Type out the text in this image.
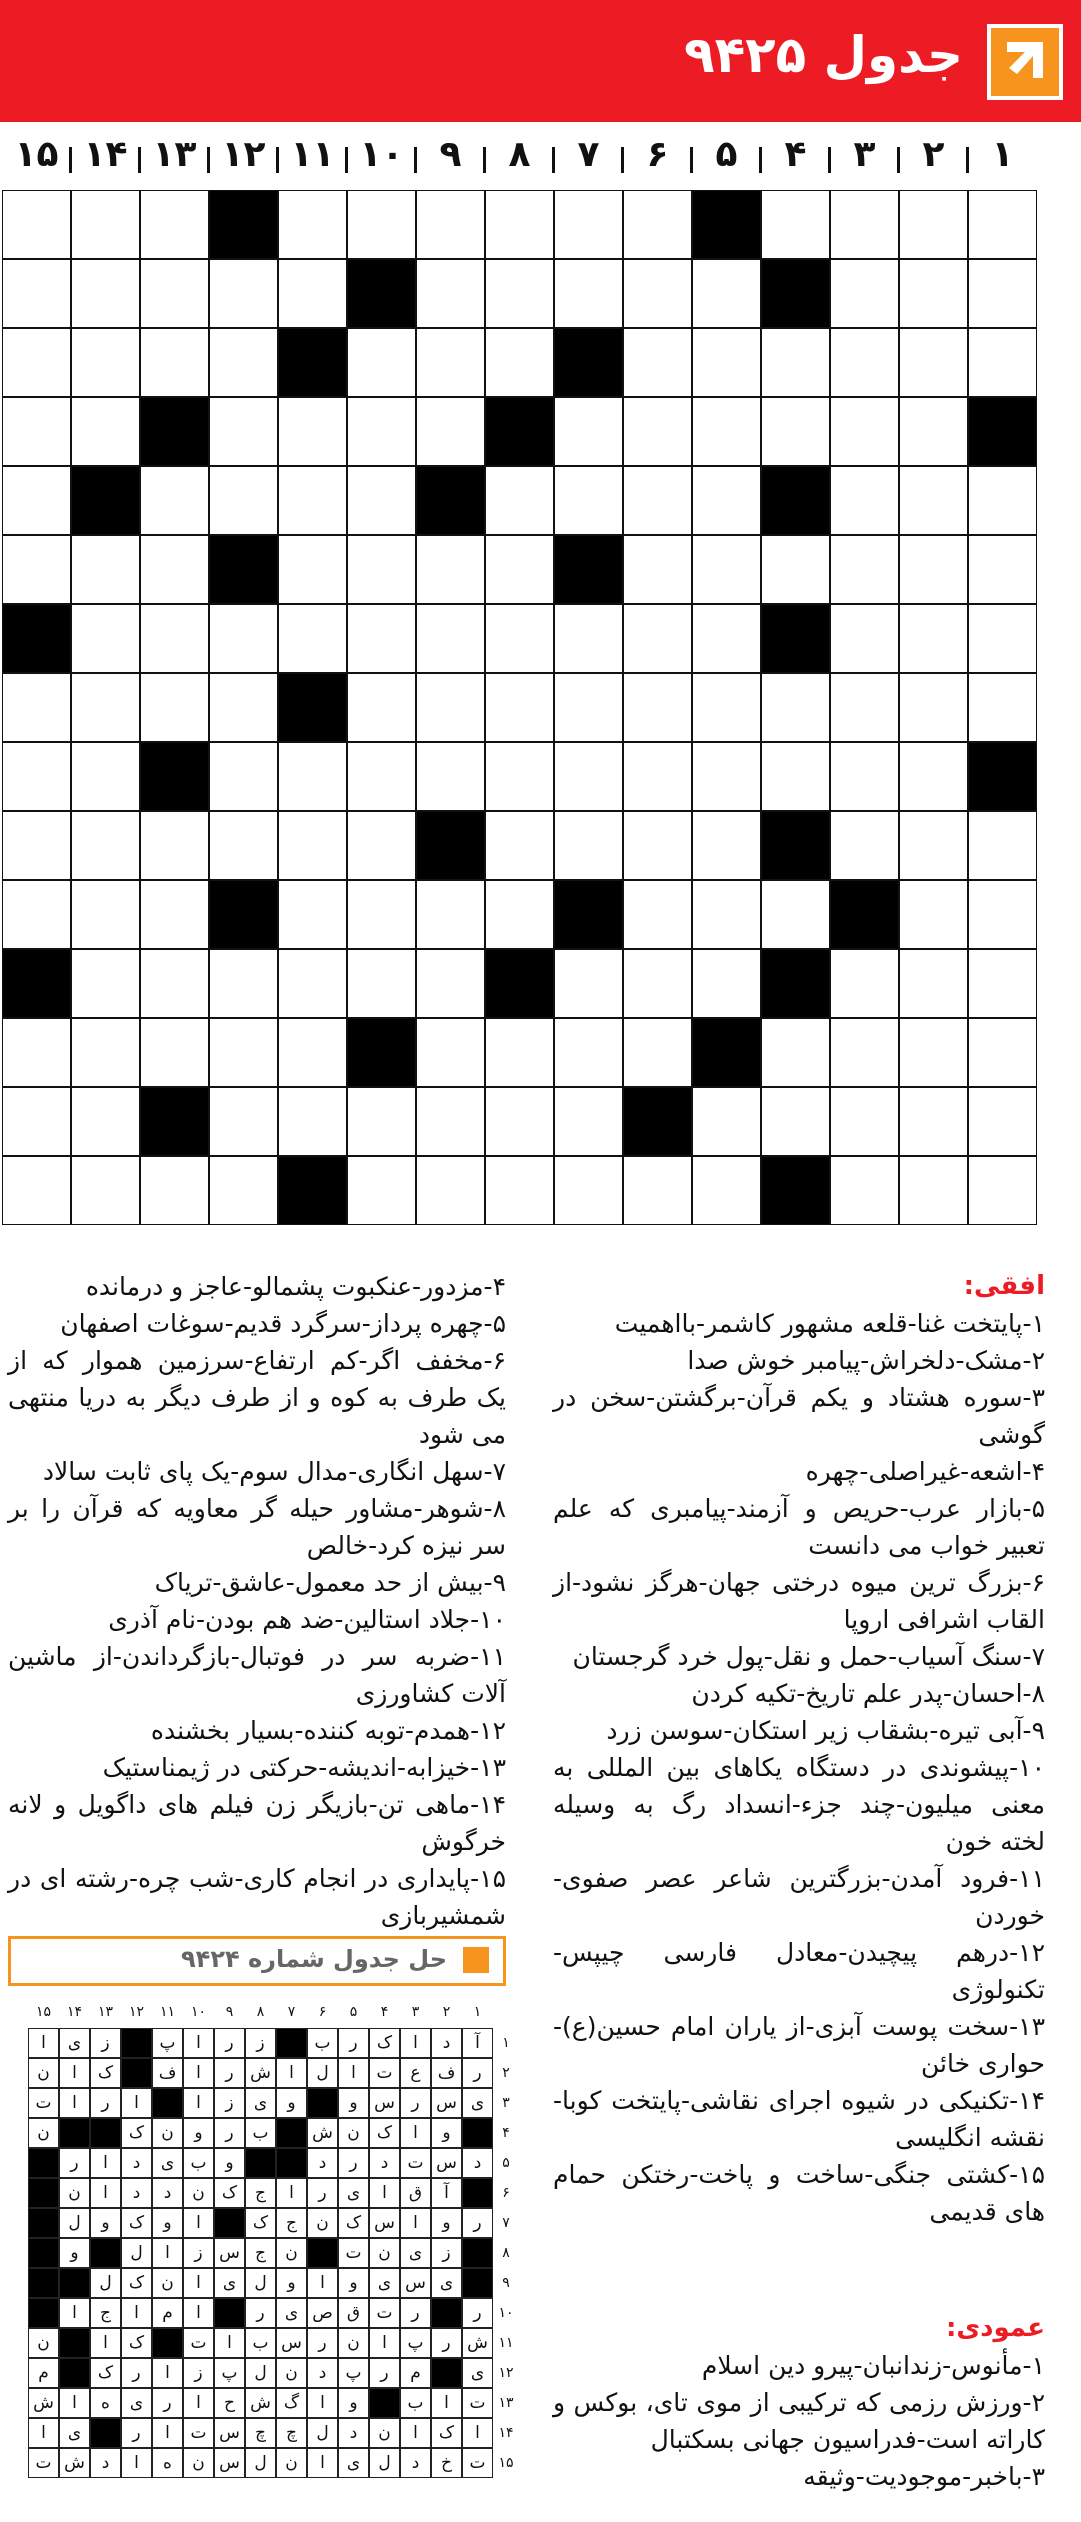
جدول ۹۴۲۵
۱
۲
۳
۴
۵
۶
۷
۸
۹
۱۰
۱۱
۱۲
۱۳
۱۴
۱۵

افقی:

۱-پایتخت غنا-قلعه مشهور کاشمر-بااهمیت

۲-مشک-دلخراش-پیامبر خوش صدا

۳-سوره هشتاد و یکم قرآن-برگشتن-سخن در گوشی

۴-اشعه-غیراصلی-چهره

۵-بازار عرب-حریص و آزمند-پیامبری که علم تعبیر خواب می دانست

۶-بزرگ ترین میوه درختی جهان-هرگز نشود-از القاب اشرافی اروپا

۷-سنگ آسیاب-حمل و نقل-پول خرد گرجستان

۸-احسان-پدر علم تاریخ-تکیه کردن

۹-آبی تیره-بشقاب زیر استکان-سوسن زرد

۱۰-پیشوندی در دستگاه یکاهای بین المللی به معنی میلیون-چند جزء-انسداد رگ به وسیله لخته خون

۱۱-فرود آمدن-بزرگترین شاعر عصر صفوی-خوردن

۱۲-درهم پیچیدن-معادل فارسی چیپس-تکنولوژی

۱۳-سخت پوست آبزی-از یاران امام حسین(ع)-حواری خائن

۱۴-تکنیکی در شیوه اجرای نقاشی-پایتخت کوبا-نقشه انگلیسی

۱۵-کشتی جنگی-ساخت و پاخت-رختکن حمام های قدیمی

۴-مزدور-عنکبوت پشمالو-عاجز و درمانده

۵-چهره پرداز-سرگرد قدیم-سوغات اصفهان

۶-مخفف اگر-کم ارتفاع-سرزمین هموار که از یک طرف به کوه و از طرف دیگر به دریا منتهی می شود

۷-سهل انگاری-مدال سوم-یک پای ثابت سالاد

۸-شوهر-مشاور حیله گر معاویه که قرآن را بر سر نیزه کرد-خالص

۹-بیش از حد معمول-عاشق-تریاک

۱۰-جلاد استالین-ضد هم بودن-نام آذری

۱۱-ضربه سر در فوتبال-بازگرداندن-از ماشین آلات کشاورزی

۱۲-همدم-توبه کننده-بسیار بخشنده

۱۳-خیزابه-اندیشه-حرکتی در ژیمناستیک

۱۴-ماهی تن-بازیگر زن فیلم های داگویل و لانه خرگوش

۱۵-پایداری در انجام کاری-شب چره-رشته ای در شمشیربازی

عمودی:

۱-مأنوس-زندانبان-پیرو دین اسلام

۲-ورزش رزمی که ترکیبی از موی تای، بوکس و کاراته است-فدراسیون جهانی بسکتبال

۳-باخبر-موجودیت-وثیقه

حل جدول شماره ۹۴۲۴
۱
۲
۳
۴
۵
۶
۷
۸
۹
۱۰
۱۱
۱۲
۱۳
۱۴
۱۵
۱
آ
د
ا
ک
ر
ب
ز
ر
ا
پ
ز
ی
ا
۲
ر
ف
ع
ت
ا
ل
ا
ش
ر
ا
ف
ک
ا
ن
۳
ی
س
ر
س
و
و
ی
ز
ا
ا
ر
ا
ت
۴
و
ا
ک
ن
ش
ب
ر
و
ن
ک
ن
۵
د
س
ت
د
ر
د
و
ب
ی
د
ا
ر
۶
آ
ق
ا
ی
ر
ا
ج
ک
ن
د
د
ا
ن
۷
ر
و
ا
س
ک
ن
ج
ک
ا
و
ک
و
ل
۸
ز
ی
ن
ت
ن
ج
س
ز
ا
ل
و
۹
ی
س
ی
و
ا
و
ل
ی
ا
ن
ک
ل
۱۰
ر
ر
ت
ق
ص
ی
ر
ا
م
ا
ج
ا
۱۱
ش
ر
پ
ا
ن
ر
س
ب
ا
ت
ک
ا
ن
۱۲
ی
م
ر
پ
د
ن
ل
پ
ز
ا
ر
ک
م
۱۳
ت
ا
ب
و
ا
گ
ش
ح
ا
ر
ی
ه
ا
ش
۱۴
ا
ک
ا
ن
د
ل
چ
چ
س
ت
ا
ر
ی
ا
۱۵
ت
خ
د
ل
ی
ا
ن
ل
س
ن
ه
ا
د
ش
ت
